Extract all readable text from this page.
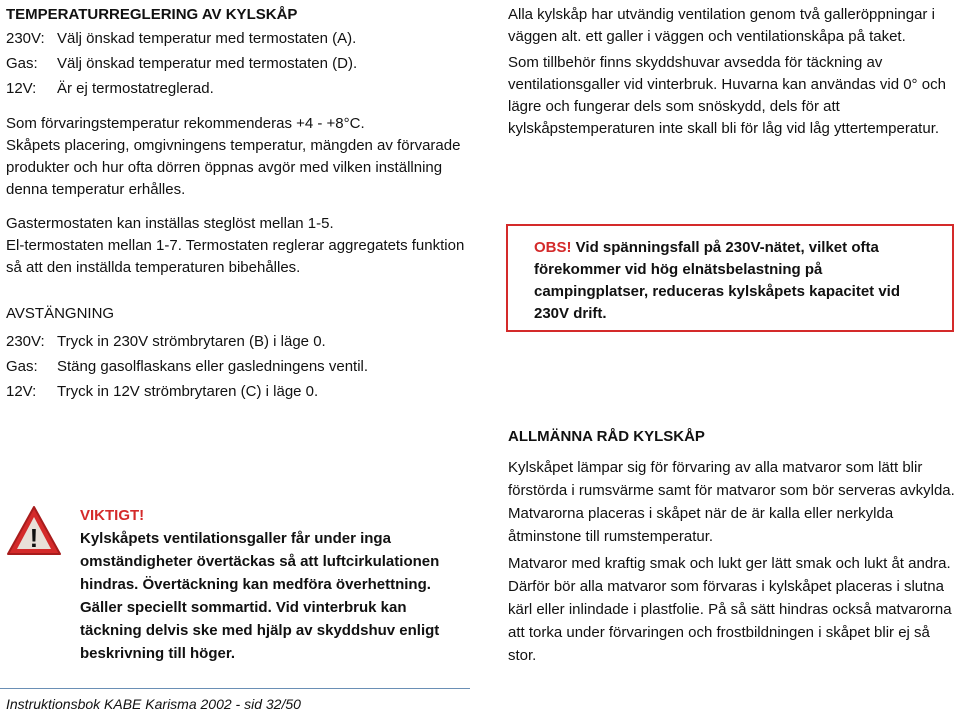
TEMPERATURREGLERING AV KYLSKÅP
230V: Välj önskad temperatur med termostaten (A).
Gas:	Välj önskad temperatur med termostaten (D).
12V:	Är ej termostatreglerad.

Som förvaringstemperatur rekommenderas +4 - +8°C.

Skåpets placering, omgivningens temperatur, mängden av förvarade produkter och hur ofta dörren öppnas avgör med vilken inställning denna temperatur erhålles.

Gastermostaten kan inställas steglöst mellan 1-5.

El-termostaten mellan 1-7. Termostaten reglerar aggregatets funktion så att den inställda temperaturen bibehålles.

AVSTÄNGNING
230V: Tryck in 230V strömbrytaren (B) i läge 0.
Gas:	Stäng gasolflaskans eller gasledningens ventil.
12V:	Tryck in 12V strömbrytaren (C) i läge 0.
!
VIKTIGT!
Kylskåpets ventilationsgaller får under inga omständigheter övertäckas så att luftcirkulationen hindras. Övertäckning kan medföra överhettning. Gäller speciellt sommartid. Vid vinterbruk kan täckning delvis ske med hjälp av skyddshuv enligt beskrivning till höger.

Alla kylskåp har utvändig ventilation genom två galleröppningar i väggen alt. ett galler i väggen och ventilationskåpa på taket.

Som tillbehör finns skyddshuvar avsedda för täckning av ventilationsgaller vid vinterbruk. Huvarna kan användas vid 0° och lägre och fungerar dels som snöskydd, dels för att kylskåpstemperaturen inte skall bli för låg vid låg yttertemperatur.

OBS! Vid spänningsfall på 230V-nätet, vilket ofta förekommer vid hög elnätsbelastning på campingplatser, reduceras kylskåpets kapacitet vid 230V drift.
ALLMÄNNA RÅD KYLSKÅP

Kylskåpet lämpar sig för förvaring av alla matvaror som lätt blir förstörda i rumsvärme samt för matvaror som bör serveras avkylda. Matvarorna placeras i skåpet när de är kalla eller nerkylda åtminstone till rumstemperatur.

Matvaror med kraftig smak och lukt ger lätt smak och lukt åt andra. Därför bör alla matvaror som förvaras i kylskåpet placeras i slutna kärl eller inlindade i plastfolie. På så sätt hindras också matvarorna att torka under förvaringen och frostbildningen i skåpet blir ej så stor.

Instruktionsbok KABE Karisma 2002 - sid 32/50
